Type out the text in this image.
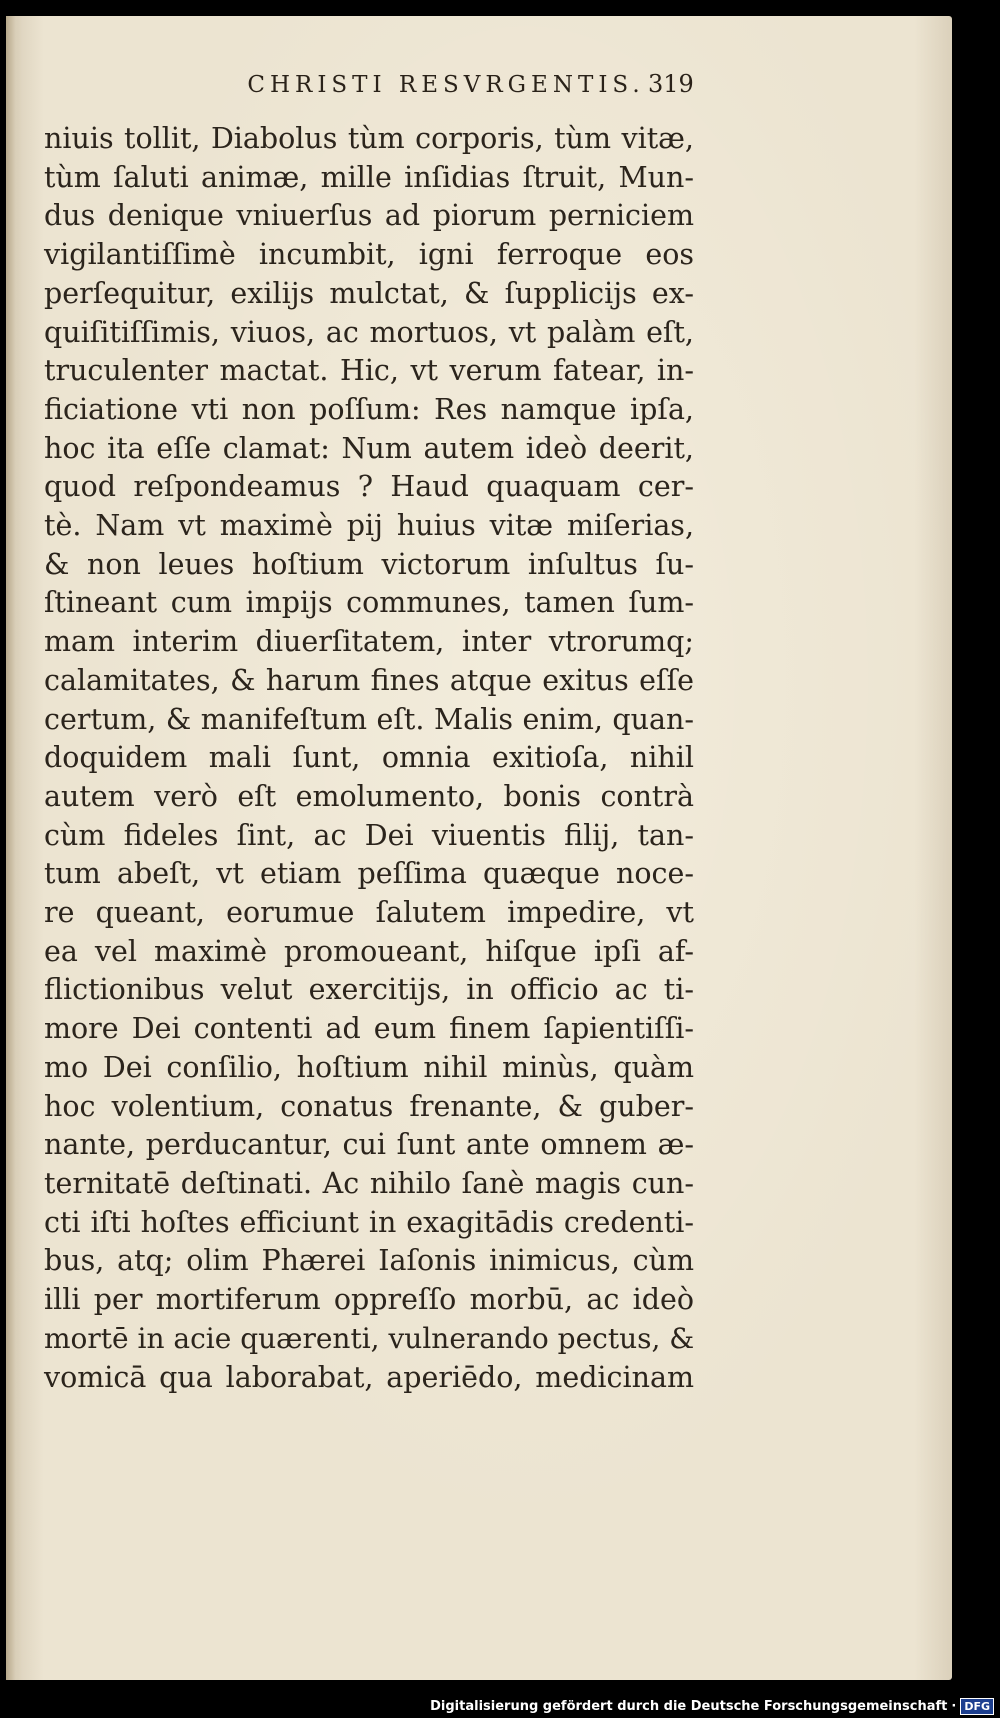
CHRISTI RESVRGENTIS. 319
niuis tollit, Diabolus tùm corporis, tùm vitæ,
tùm ſaluti animæ, mille inſidias ſtruit, Mun-
dus denique vniuerſus ad piorum perniciem
vigilantiſſimè incumbit, igni ferroque eos
perſequitur, exilijs mulctat, & ſupplicijs ex-
quiſitiſſimis, viuos, ac mortuos, vt palàm eſt,
truculenter mactat. Hic, vt verum fatear, in-
ficiatione vti non poſſum: Res namque ipſa,
hoc ita eſſe clamat: Num autem ideò deerit,
quod reſpondeamus ? Haud quaquam cer-
tè. Nam vt maximè pij huius vitæ miſerias,
& non leues hoſtium victorum inſultus ſu-
ſtineant cum impijs communes, tamen ſum-
mam interim diuerſitatem, inter vtrorumq;
calamitates, & harum fines atque exitus eſſe
certum, & manifeſtum eſt. Malis enim, quan-
doquidem mali ſunt, omnia exitioſa, nihil
autem verò eſt emolumento, bonis contrà
cùm fideles ſint, ac Dei viuentis filij, tan-
tum abeſt, vt etiam peſſima quæque noce-
re queant, eorumue ſalutem impedire, vt
ea vel maximè promoueant, hiſque ipſi af-
flictionibus velut exercitijs, in officio ac ti-
more Dei contenti ad eum finem ſapientiſſi-
mo Dei conſilio, hoſtium nihil minùs, quàm
hoc volentium, conatus frenante, & guber-
nante, perducantur, cui ſunt ante omnem æ-
ternitatē deſtinati. Ac nihilo ſanè magis cun-
cti iſti hoſtes efficiunt in exagitādis credenti-
bus, atq; olim Phærei Iaſonis inimicus, cùm
illi per mortiferum oppreſſo morbū, ac ideò
mortē in acie quærenti, vulnerando pectus, &
vomicā qua laborabat, aperiēdo, medicinam
Digitalisierung gefördert durch die Deutsche Forschungsgemeinschaft · DFG
